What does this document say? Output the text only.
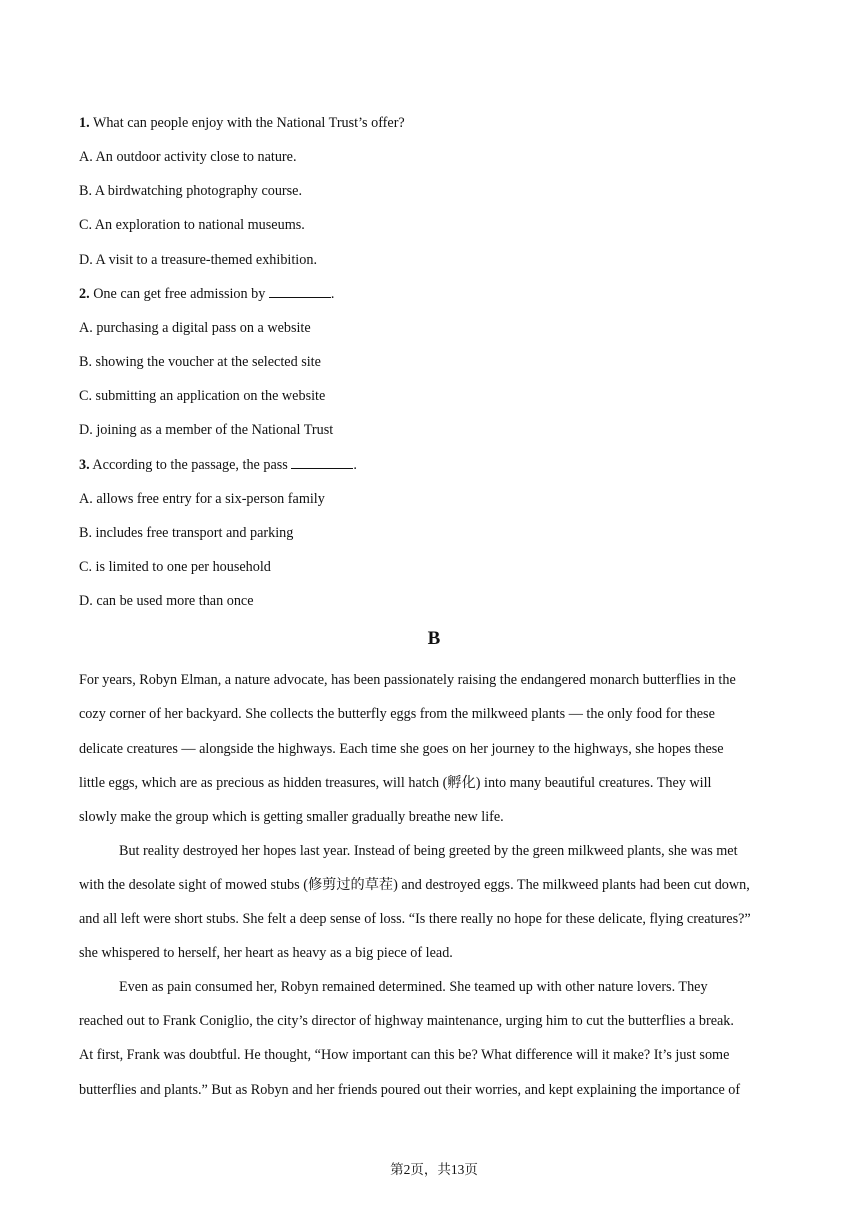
1. What can people enjoy with the National Trust’s offer?
A. An outdoor activity close to nature.
B. A birdwatching photography course.
C. An exploration to national museums.
D. A visit to a treasure-themed exhibition.
2. One can get free admission by	.
A. purchasing a digital pass on a website
B. showing the voucher at the selected site
C. submitting an application on the website
D. joining as a member of the National Trust
3. According to the passage, the pass	.
A. allows free entry for a six-person family
B. includes free transport and parking
C. is limited to one per household
D. can be used more than once
B
For years, Robyn Elman, a nature advocate, has been passionately raising the endangered monarch butterflies in the
cozy corner of her backyard. She collects the butterfly eggs from the milkweed plants — the only food for these
delicate creatures — alongside the highways. Each time she goes on her journey to the highways, she hopes these
little eggs, which are as precious as hidden treasures, will hatch (孵化) into many beautiful creatures. They will
slowly make the group which is getting smaller gradually breathe new life.
But reality destroyed her hopes last year. Instead of being greeted by the green milkweed plants, she was met
with the desolate sight of mowed stubs (修剪过的草茬) and destroyed eggs. The milkweed plants had been cut down,
and all left were short stubs. She felt a deep sense of loss. “Is there really no hope for these delicate, flying creatures?”
she whispered to herself, her heart as heavy as a big piece of lead.
Even as pain consumed her, Robyn remained determined. She teamed up with other nature lovers. They
reached out to Frank Coniglio, the city’s director of highway maintenance, urging him to cut the butterflies a break.
At first, Frank was doubtful. He thought, “How important can this be? What difference will it make? It’s just some
butterflies and plants.” But as Robyn and her friends poured out their worries, and kept explaining the importance of
第2页，共13页
